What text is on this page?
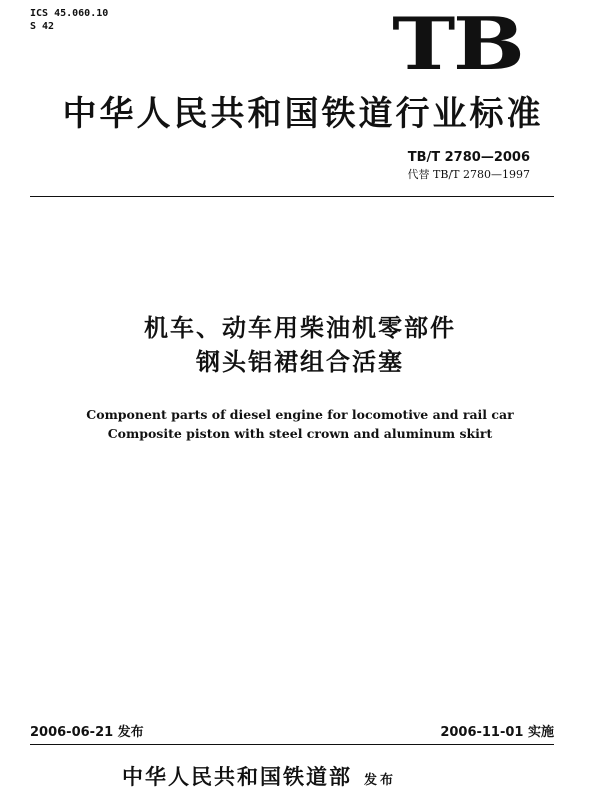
ICS 45.060.10
S 42	TB
中华人民共和国铁道行业标准
TB/T 2780—2006
代替 TB/T 2780—1997
机车、动车用柴油机零部件
钢头铝裙组合活塞
Component parts of diesel engine for locomotive and rail car
Composite piston with steel crown and aluminum skirt
2006-06-21 发布	2006-11-01 实施
中华人民共和国铁道部 发布
